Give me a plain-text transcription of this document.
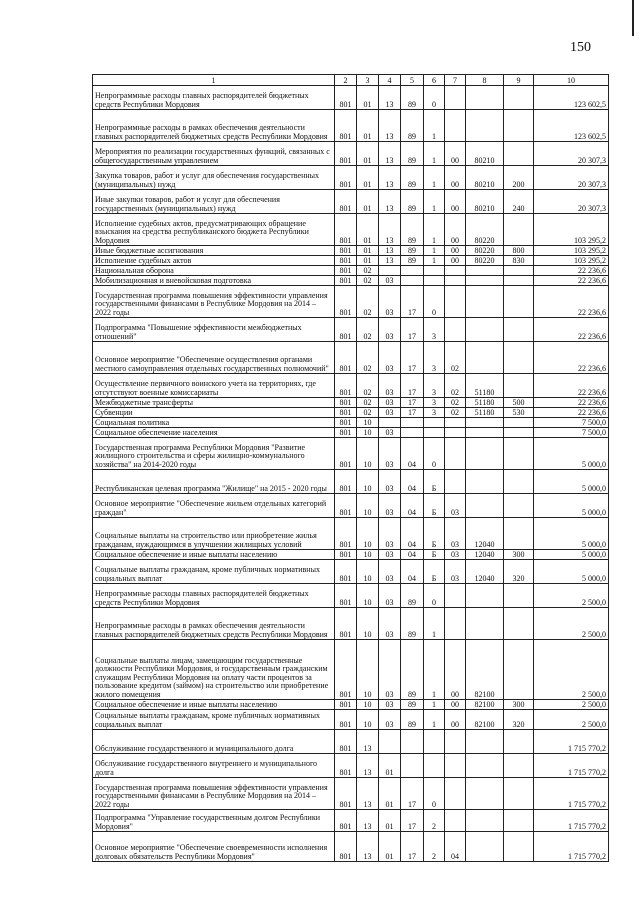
150
1	2	3	4	5	6	7	8	9	10
Непрограммные расходы главных распорядителей бюджетных средств Республики Мордовия	801	01	13	89	0				123 602,5
Непрограммные расходы в рамках обеспечения деятельности главных распорядителей бюджетных средств Республики Мордовия	801	01	13	89	1				123 602,5
Мероприятия по реализации государственных функций, связанных с общегосударственным управлением	801	01	13	89	1	00	80210		20 307,3
Закупка товаров, работ и услуг для обеспечения государственных (муниципальных) нужд	801	01	13	89	1	00	80210	200	20 307,3
Иные закупки товаров, работ и услуг для обеспечения государственных (муниципальных) нужд	801	01	13	89	1	00	80210	240	20 307,3
Исполнение судебных актов, предусматривающих обращение взыскания на средства республиканского бюджета Республики Мордовия	801	01	13	89	1	00	80220		103 295,2
Иные бюджетные ассигнования	801	01	13	89	1	00	80220	800	103 295,2
Исполнение судебных актов	801	01	13	89	1	00	80220	830	103 295,2
Национальная оборона	801	02							22 236,6
Мобилизационная и вневойсковая подготовка	801	02	03						22 236,6
Государственная программа повышения эффективности управления государственными финансами в Республике Мордовия на 2014 – 2022 годы	801	02	03	17	0				22 236,6
Подпрограмма "Повышение эффективности межбюджетных отношений"	801	02	03	17	3				22 236,6
Основное мероприятие "Обеспечение осуществления органами местного самоуправления отдельных государственных полномочий"	801	02	03	17	3	02			22 236,6
Осуществление первичного воинского учета на территориях, где отсутствуют военные комиссариаты	801	02	03	17	3	02	51180		22 236,6
Межбюджетные трансферты	801	02	03	17	3	02	51180	500	22 236,6
Субвенции	801	02	03	17	3	02	51180	530	22 236,6
Социальная политика	801	10							7 500,0
Социальное обеспечение населения	801	10	03						7 500,0
Государственная программа Республики Мордовия "Развитие жилищного строительства и сферы жилищно-коммунального хозяйства" на 2014-2020 годы	801	10	03	04	0				5 000,0
Республиканская целевая программа "Жилище" на 2015 - 2020 годы	801	10	03	04	Б				5 000,0
Основное мероприятие "Обеспечение жильем отдельных категорий граждан"	801	10	03	04	Б	03			5 000,0
Социальные выплаты на строительство или приобретение жилья гражданам, нуждающимся в улучшении жилищных условий	801	10	03	04	Б	03	12040		5 000,0
Социальное обеспечение и иные выплаты населению	801	10	03	04	Б	03	12040	300	5 000,0
Социальные выплаты гражданам, кроме публичных нормативных социальных выплат	801	10	03	04	Б	03	12040	320	5 000,0
Непрограммные расходы главных распорядителей бюджетных средств Республики Мордовия	801	10	03	89	0				2 500,0
Непрограммные расходы в рамках обеспечения деятельности главных распорядителей бюджетных средств Республики Мордовия	801	10	03	89	1				2 500,0
Социальные выплаты лицам, замещающим государственные должности Республики Мордовия, и государственным гражданским служащим Республики Мордовия на оплату части процентов за пользование кредитом (займом) на строительство или приобретение жилого помещения	801	10	03	89	1	00	82100		2 500,0
Социальное обеспечение и иные выплаты населению	801	10	03	89	1	00	82100	300	2 500,0
Социальные выплаты гражданам, кроме публичных нормативных социальных выплат	801	10	03	89	1	00	82100	320	2 500,0
Обслуживание государственного и муниципального долга	801	13							1 715 770,2
Обслуживание государственного внутреннего и муниципального долга	801	13	01						1 715 770,2
Государственная программа повышения эффективности управления государственными финансами в Республике Мордовия на 2014 – 2022 годы	801	13	01	17	0				1 715 770,2
Подпрограмма "Управление государственным долгом Республики Мордовия"	801	13	01	17	2				1 715 770,2
Основное мероприятие "Обеспечение своевременности исполнения долговых обязательств Республики Мордовия"	801	13	01	17	2	04			1 715 770,2
